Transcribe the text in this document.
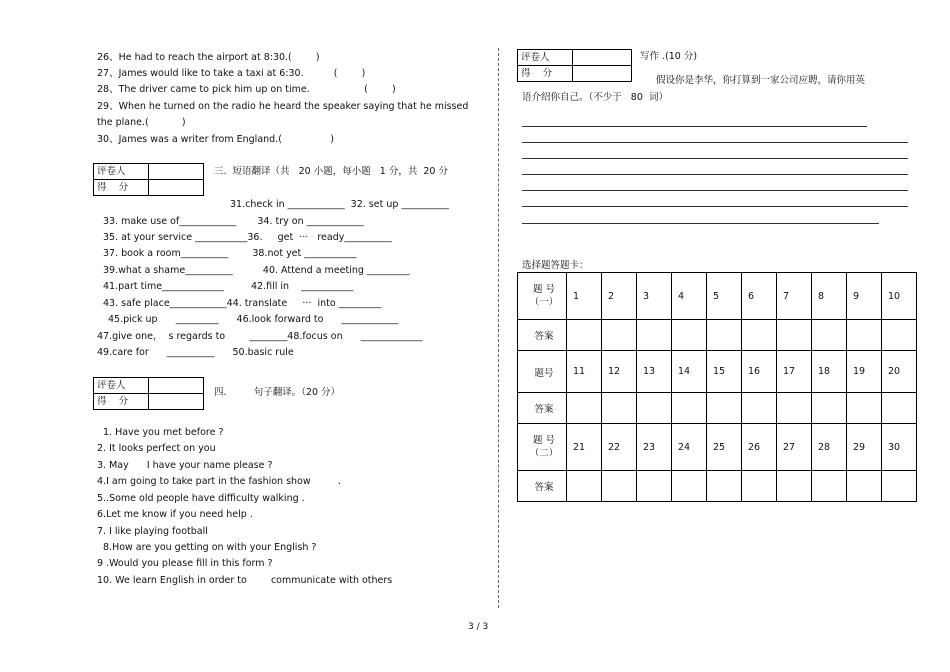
26、He had to reach the airport at 8:30.(        )
27、James would like to take a taxi at 6:30.          (        )
28、The driver came to pick him up on time.                  (        )
29、When he turned on the radio he heard the speaker saying that he missed
the plane.(           )
30、James was a writer from England.(                )
评卷人	
得    分	
三.  短语翻译（共   20 小题，每小题   1 分，共  20 分
31.check in ____________  32. set up __________
33. make use of____________       34. try on ____________
35. at your service ___________36.     get  ···   ready__________
37. book a room__________        38.not yet ___________
39.what a shame__________          40. Attend a meeting _________
41.part time_____________         42.fill in    ___________
43. safe place____________44. translate     ···  into _________
45.pick up      _________      46.look forward to      ____________
47.give one，  s regards to        ________48.focus on      _____________
49.care for      __________      50.basic rule
评卷人	
得    分	
四.         句子翻译。（20 分）
1. Have you met before ?
2. It looks perfect on you
3. May      I have your name please ?
4.I am going to take part in the fashion show         .
5..Some old people have difficulty walking .
6.Let me know if you need help .
7. I like playing football
8.How are you getting on with your English ?
9 .Would you please fill in this form ?
10. We learn English in order to        communicate with others
评卷人	
得    分	
写作 .(10 分)
假设你是李华，你打算到一家公司应聘，请你用英
语介绍你自己。（不少于   80  词）
选择题答题卡：
题 号
（一）	1	2	3	4	5	6	7	8	9	10
答案										
题号	11	12	13	14	15	16	17	18	19	20
答案										
题 号
（二）	21	22	23	24	25	26	27	28	29	30
答案										
3 / 3
